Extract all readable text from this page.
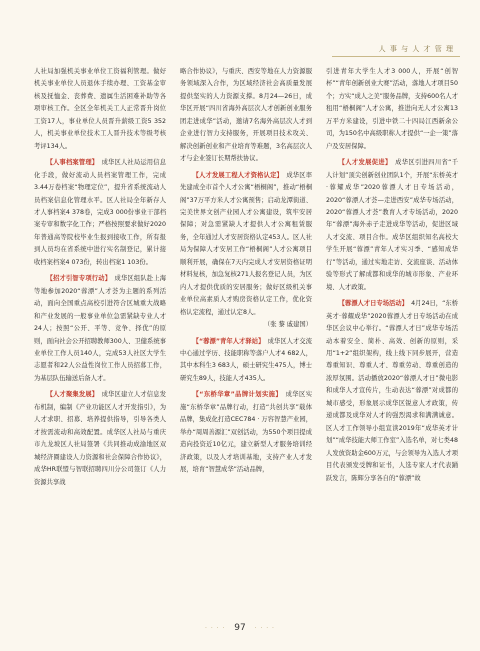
人 事 与 人 才 管 理

人社局加强机关事业单位工资福利管理。做好机关事业单位人员退休手续办理、工资基金审核及抚恤金、丧葬费、遗属生活困难补助等各项审核工作。全区全年机关工人正常晋升岗位工资17人，事业单位人员晋升薪级工资5 352人，机关事业单位技术工人晋升技术等级考核考评134人。

【人事档案管理】　成华区人社局运用信息化手段，做好流动人员档案管理工作，完成3.44万卷档案“物理定位”，提升省系统流动人员档案信息化管理水平。区人社局全年新存人才人事档案4 378卷，完成3 000份事业干部档案专审和数字化工作；严格按照要求做好2020年普通高等院校毕业生报到接收工作，所有报到人员均在省系统中进行实名制登记，累计接收档案档案4 073份，转出档案1 103份。

【招才引智专项行动】　成华区组队赴上海等地参加2020“蓉漂”人才荟为主题的系列活动，面向全国重点高校引进符合区城重大战略和产业发展的一般事业单位急需紧缺专业人才24人；按照“公开、平等、竞争、择优”的原则，面向社会公开招聘教师300人、卫健系统事业单位工作人员140人，完成53人社区大学生志愿者和22人公益性岗位工作人员招募工作，为基层队伍输送后备人才。

【人才聚集发展】　成华区建立人才信息发布机制，编制《产业功能区人才开发指引》，为人才求职、招募、培养提供指导，引导各类人才按需流动和高效配置。成华区人社局与重庆市九龙坡区人社局签署《共同推动成渝地区双城经济圈建设人力资源和社会保障合作协议》，成华HR联盟与智联招聘四川分公司签订《人力资源共享战

略合作协议》，与重庆、西安等地在人力资源服务领域深入合作，为区域经济社会高质量发展提供坚实的人力资源支撑。8月24—26日，成华区开展“四川省海外高层次人才创新创业服务团走进成华”活动，邀请7名海外高层次人才到企业进行智力支持服务，开展项目技术攻关、解决创新创业和产业培育等难题，3名高层次人才与企业签订长期帮扶协议。

【人才发展工程人才资格认定】　成华区率先建成全市首个人才公寓“梧桐阁”，推动“梧桐阁”37万平方米人才公寓预售；启动龙潭街道、完美世界文创产业园人才公寓建设，筑牢安居保障；对急需紧缺人才提供人才公寓租赁服务，全年通过人才安居资格认定453人。区人社局为保障人才安居工作“梧桐阁”人才公寓项目顺利开展，确保在7天内完成人才安居资格证明材料复核，加急复核271人报名登记人员，为区内人才提供优质的安居服务；做好区级机关事业单位高素质人才购房资格认定工作，优化资格认定流程，通过认定8人。

（张 黎 戚建国）

【“蓉漂”青年人才驿站】　成华区人才交流中心通过学历、技能职称等落户人才4 682人，其中本科生3 683人，硕士研究生475人，博士研究生89人，技能人才435人。

【“东桥华章”品牌计划实施】　成华区实施“东桥华章”品牌行动，打造“共创共享”载体品牌，集成化打造CEC784 · 万容智慧产业园，举办“周周善源汇”双创活动，为550个项目提成造向投资近10亿元，建立新型人才服务培训经济政策，以及人才培训基地，支持产业人才发展，培育“智慧成华”活动品牌，

引进青年大学生人才3 000人，开展“创智杯”“青年创新创业大赛”活动，落地人才项目50个；方实“成人之美”服务品牌，支持600名人才租用“梧桐阁”人才公寓，推进向无人才公寓13万平方米建设，引进中铁二十四局江西新余公司，为150名中高级职称人才提供“一企一策”落户及安居保障。

【人才发展促进】　成华区引进四川省“千人计划”顶尖创新创业团队1个，开展“东桥英才·蓉耀成华”2020蓉漂人才日专场活动，2020“蓉漂人才荟—走进西安”成华专场活动，2020“蓉漂人才荟”教育人才专场活动，2020年“蓉漂”海外赤子走进成华等活动，促进区域人才交流、项目合作。成华区组织知名高校大学生开展“蓉漂”青年人才实习季、“感知成华行”等活动，通过实地走访、交流座谈、活动体验等形式了解成都和成华的城市形象、产业环境、人才政策。

【蓉漂人才日专场活动】　4月24日，“东桥英才·蓉耀成华”2020蓉漂人才日专场活动在成华区会议中心举行。“蓉漂人才日”成华专场活动本着安全、简朴、高效、创新的原则，采用“1+2”组织架构，线上线下同步展开，营造尊重知识、尊重人才、尊重劳动、尊重创造的浓厚氛围。活动播放2020“蓉漂人才日”微电影和成华人才宣传片，生动表达“蓉漂”对成都的城市感受，形象展示成华区锐意人才政策，传递成都及成华对人才的强烈渴求和满满诚意。区人才工作领导小组宣读2019年“成华英才计划”“成华技能大师工作室”入选名单，对七类48人发放资助金600万元，与会领导为入选人才项目代表颁发受牌和证书，人选专家人才代表踊跃发言，陈辉分享各自的“蓉漂”故

· · · · 97 · · · ·
